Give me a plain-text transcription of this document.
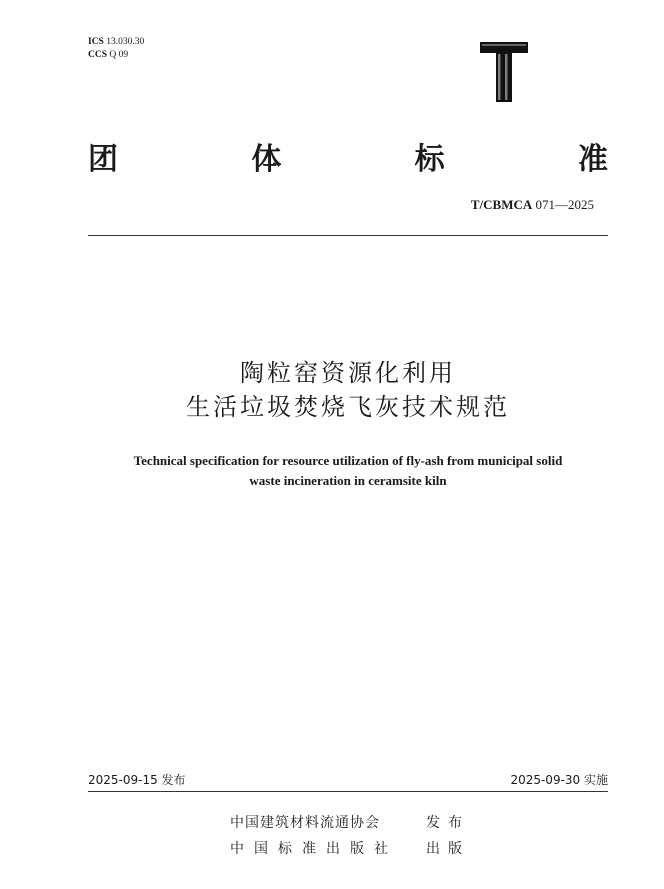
ICS 13.030.30
CCS Q 09
团	体	标	准
T/CBMCA 071—2025
陶粒窑资源化利用
生活垃圾焚烧飞灰技术规范
Technical specification for resource utilization of fly-ash from municipal solid
waste incineration in ceramsite kiln
2025-09-15 发布	2025-09-30 实施
中国建筑材料流通协会	发布
中国标准出版社	出版
